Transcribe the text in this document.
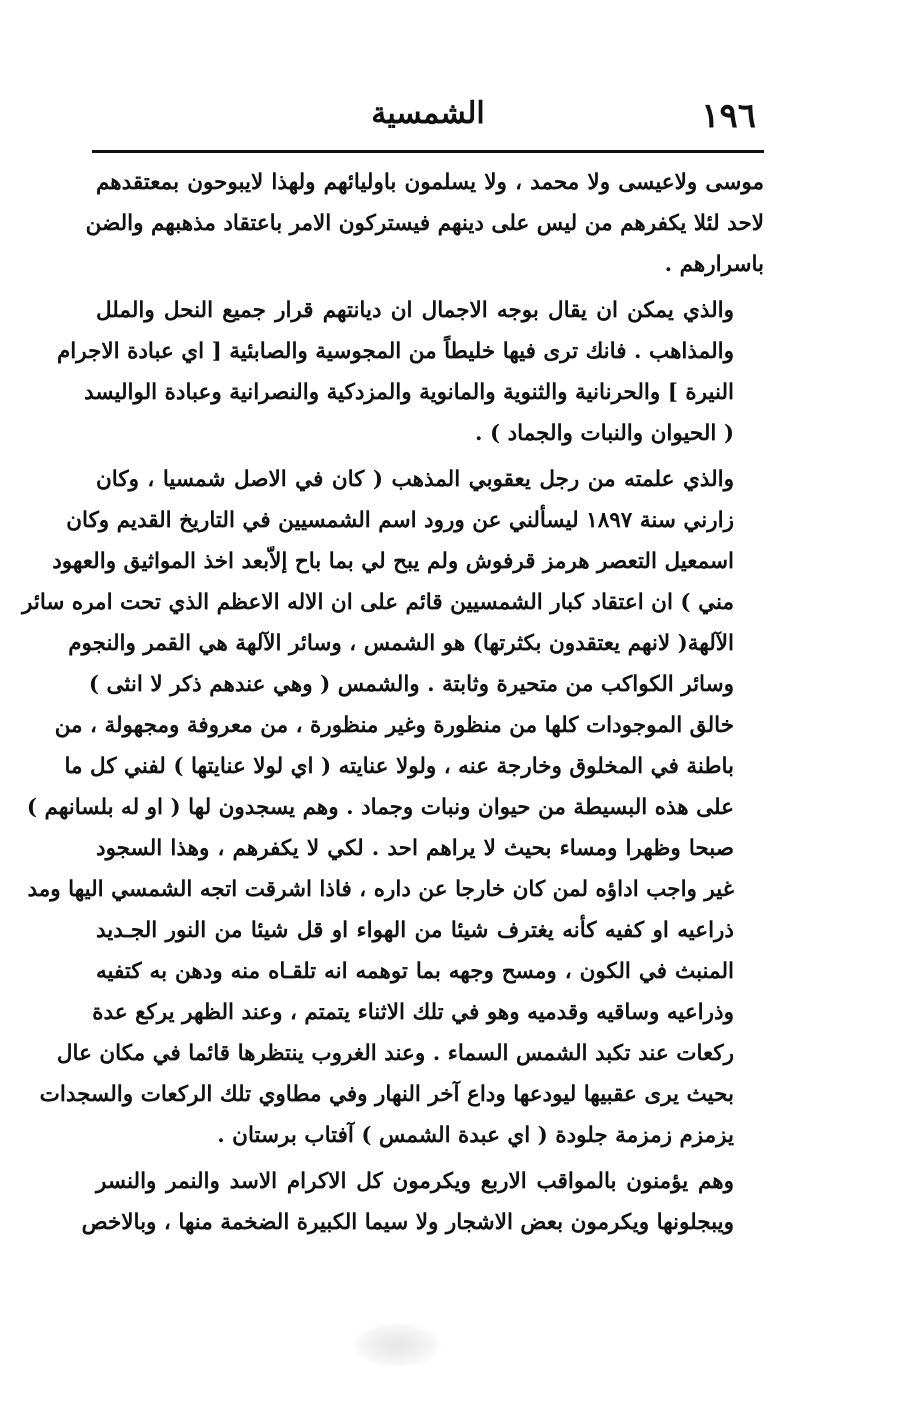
١٩٦
الشمسية

موسى ولاعيسى ولا محمد ، ولا يسلمون باوليائهم ولهذا لايبوحون بمعتقدهم
لاحد لئلا يكفرهم من ليس على دينهم فيستركون الامر باعتقاد مذهبهم والضن
باسرارهم .

والذي يمكن ان يقال بوجه الاجمال ان ديانتهم قرار جميع النحل والملل
والمذاهب . فانك ترى فيها خليطاً من المجوسية والصابئية [ اي عبادة الاجرام
النيرة ] والحرنانية والثنوية والمانوية والمزدكية والنصرانية وعبادة الواليسد
( الحيوان والنبات والجماد ) .

والذي علمته من رجل يعقوبي المذهب ( كان في الاصل شمسيا ، وكان
زارني سنة ١٨٩٧ ليسألني عن ورود اسم الشمسيين في التاريخ القديم وكان
اسمعيل التعصر هرمز قرفوش ولم يبح لي بما باح إلاّبعد اخذ المواثيق والعهود
مني ) ان اعتقاد كبار الشمسيين قائم على ان الاله الاعظم الذي تحت امره سائر
الآلهة( لانهم يعتقدون بكثرتها) هو الشمس ، وسائر الآلهة هي القمر والنجوم
وسائر الكواكب من متحيرة وثابتة . والشمس ( وهي عندهم ذكر لا انثى )
خالق الموجودات كلها من منظورة وغير منظورة ، من معروفة ومجهولة ، من
باطنة في المخلوق وخارجة عنه ، ولولا عنايته ( اي لولا عنايتها ) لفني كل ما
على هذه البسيطة من حيوان ونبات وجماد . وهم يسجدون لها ( او له بلسانهم )
صبحا وظهرا ومساء بحيث لا يراهم احد . لكي لا يكفرهم ، وهذا السجود
غير واجب اداؤه لمن كان خارجا عن داره ، فاذا اشرقت اتجه الشمسي اليها ومد
ذراعيه او كفيه كأنه يغترف شيئا من الهواء او قل شيئا من النور الجـديد
المنبث في الكون ، ومسح وجهه بما توهمه انه تلقـاه منه ودهن به كتفيه
وذراعيه وساقيه وقدميه وهو في تلك الاثناء يتمتم ، وعند الظهر يركع عدة
ركعات عند تكبد الشمس السماء . وعند الغروب ينتظرها قائما في مكان عال
بحيث يرى عقبيها ليودعها وداع آخر النهار وفي مطاوي تلك الركعات والسجدات
يزمزم زمزمة جلودة ( اي عبدة الشمس ) آفتاب برستان .

وهم يؤمنون بالمواقب الاربع ويكرمون كل الاكرام الاسد والنمر والنسر
ويبجلونها ويكرمون بعض الاشجار ولا سيما الكبيرة الضخمة منها ، وبالاخص
